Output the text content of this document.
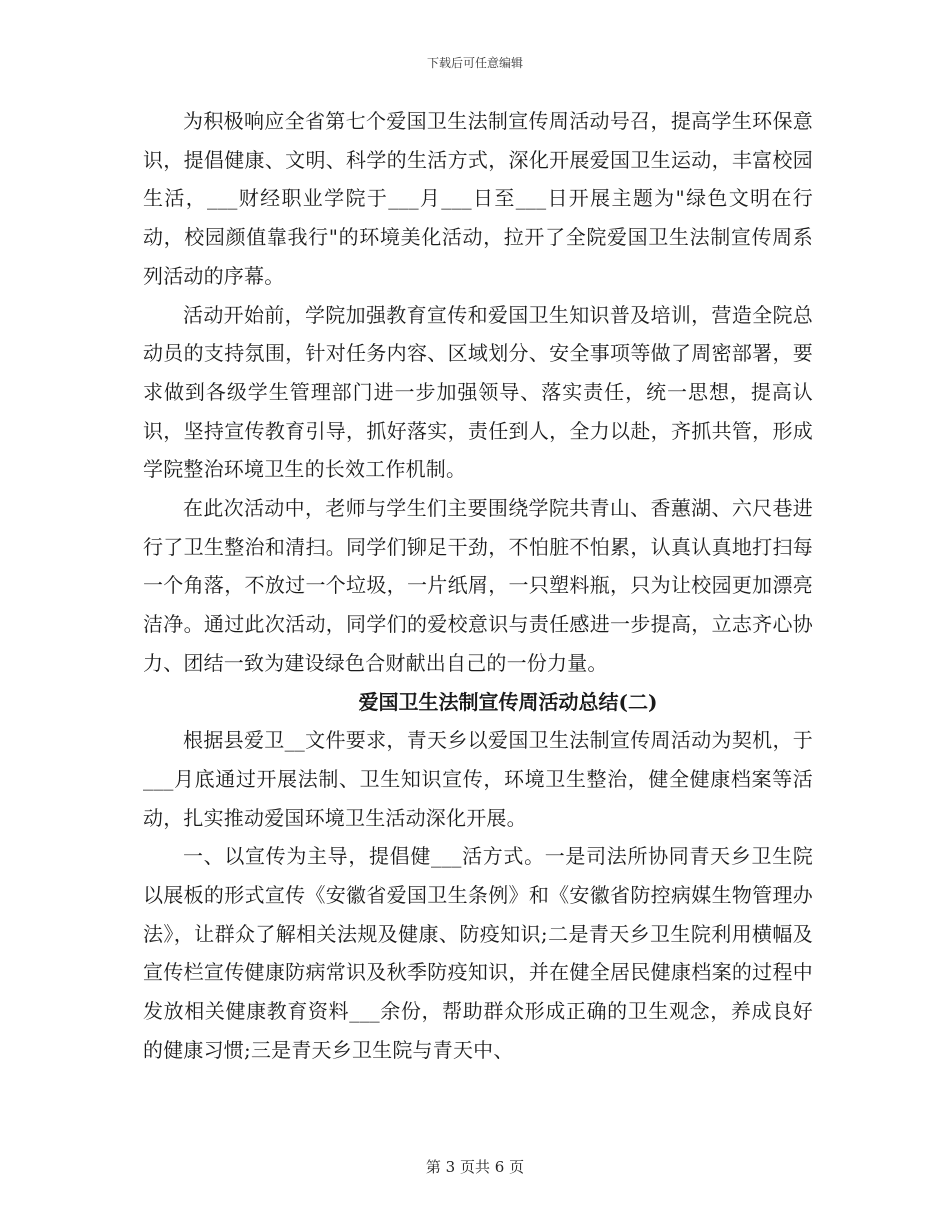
下载后可任意编辑

为积极响应全省第七个爱国卫生法制宣传周活动号召，提高学生环保意识，提倡健康、文明、科学的生活方式，深化开展爱国卫生运动，丰富校园生活，___财经职业学院于___月___日至___日开展主题为"绿色文明在行动，校园颜值靠我行"的环境美化活动，拉开了全院爱国卫生法制宣传周系列活动的序幕。

活动开始前，学院加强教育宣传和爱国卫生知识普及培训，营造全院总动员的支持氛围，针对任务内容、区域划分、安全事项等做了周密部署，要求做到各级学生管理部门进一步加强领导、落实责任，统一思想，提高认识，坚持宣传教育引导，抓好落实，责任到人，全力以赴，齐抓共管，形成学院整治环境卫生的长效工作机制。

在此次活动中，老师与学生们主要围绕学院共青山、香蕙湖、六尺巷进行了卫生整治和清扫。同学们铆足干劲，不怕脏不怕累，认真认真地打扫每一个角落，不放过一个垃圾，一片纸屑，一只塑料瓶，只为让校园更加漂亮洁净。通过此次活动，同学们的爱校意识与责任感进一步提高，立志齐心协力、团结一致为建设绿色合财献出自己的一份力量。

爱国卫生法制宣传周活动总结(二)

根据县爱卫__文件要求，青天乡以爱国卫生法制宣传周活动为契机，于___月底通过开展法制、卫生知识宣传，环境卫生整治，健全健康档案等活动，扎实推动爱国环境卫生活动深化开展。

一、以宣传为主导，提倡健___活方式。一是司法所协同青天乡卫生院以展板的形式宣传《安徽省爱国卫生条例》和《安徽省防控病媒生物管理办法》，让群众了解相关法规及健康、防疫知识;二是青天乡卫生院利用横幅及宣传栏宣传健康防病常识及秋季防疫知识，并在健全居民健康档案的过程中发放相关健康教育资料___余份，帮助群众形成正确的卫生观念，养成良好的健康习惯;三是青天乡卫生院与青天中、

第 3 页共 6 页
